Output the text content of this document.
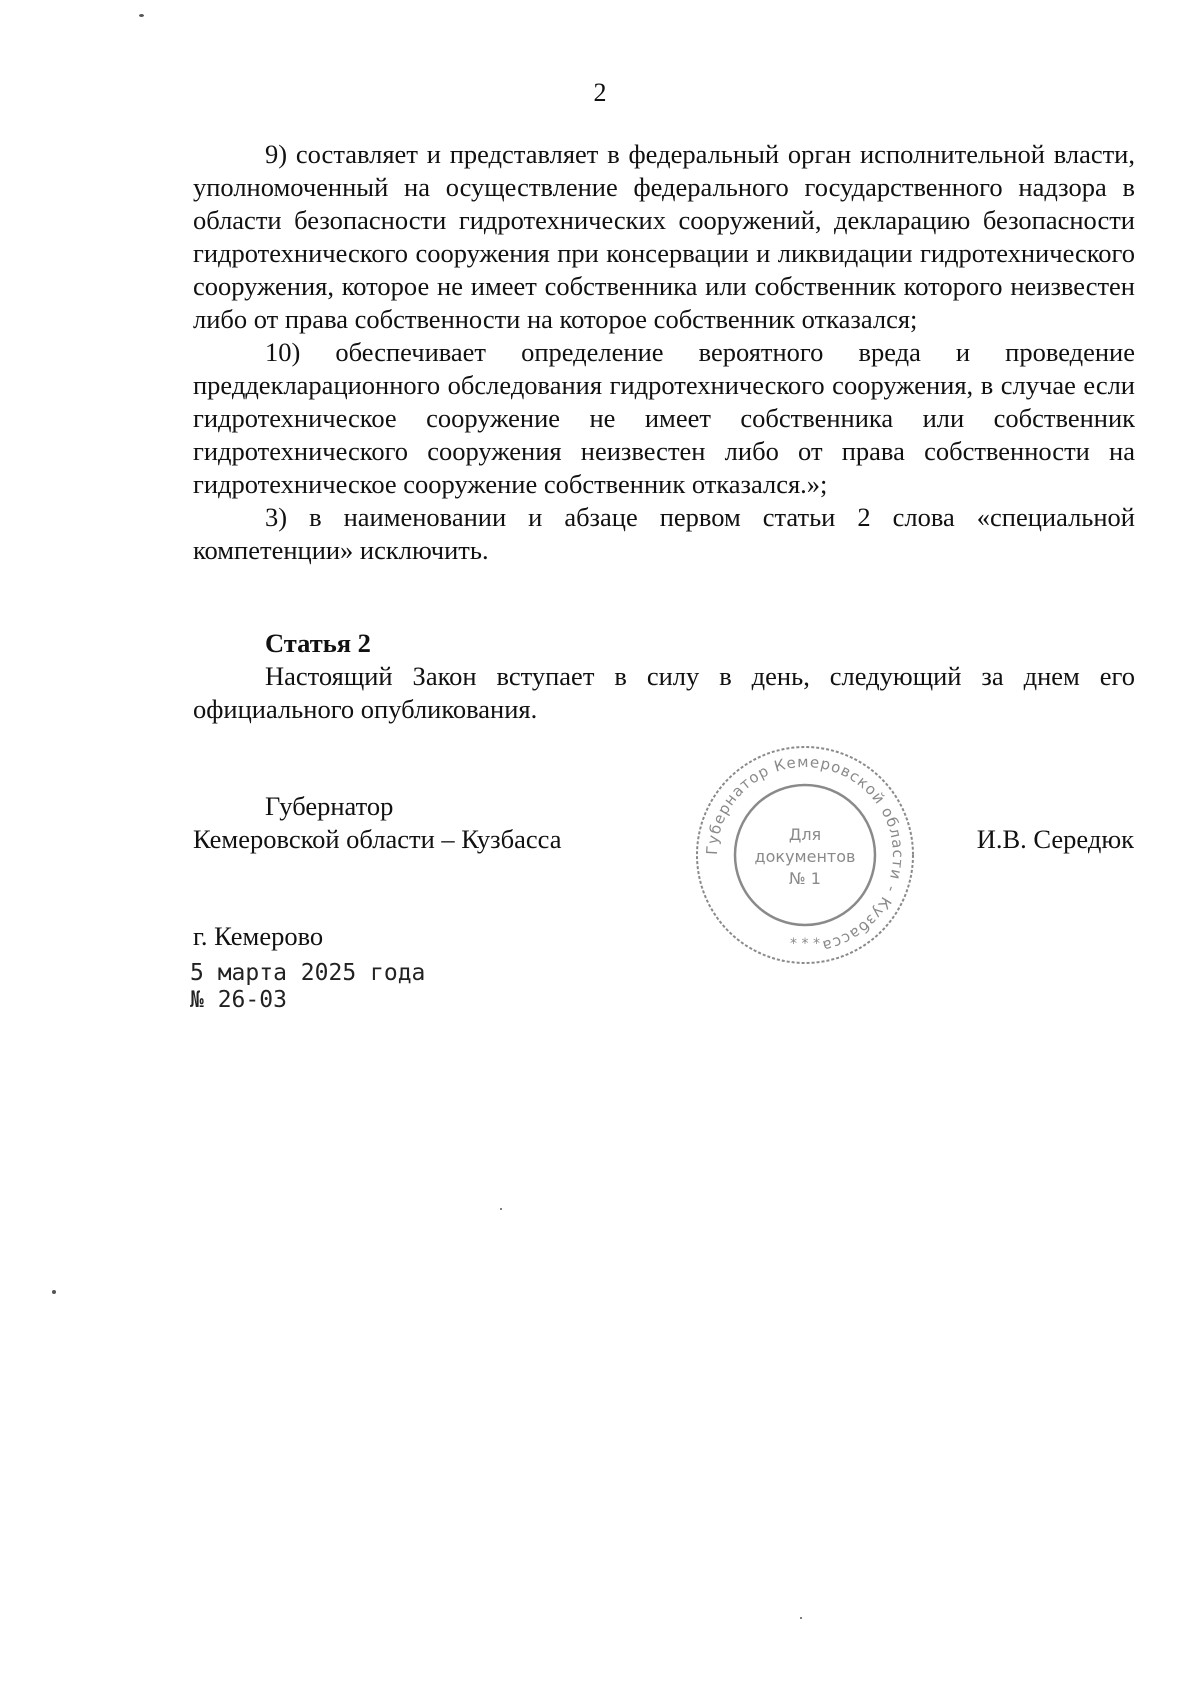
2

9) составляет и представляет в федеральный орган исполнительной власти, уполномоченный на осуществление федерального государственного надзора в области безопасности гидротехнических сооружений, декларацию безопасности гидротехнического сооружения при консервации и ликвидации гидротехнического сооружения, которое не имеет собственника или собственник которого неизвестен либо от права собственности на которое собственник отказался;

10) обеспечивает определение вероятного вреда и проведение преддекларационного обследования гидротехнического сооружения, в случае если гидротехническое сооружение не имеет собственника или собственник гидротехнического сооружения неизвестен либо от права собственности на гидротехническое сооружение собственник отказался.»;

3) в наименовании и абзаце первом статьи 2 слова «специальной компетенции» исключить.

Статья 2

Настоящий Закон вступает в силу в день, следующий за днем его официального опубликования.

Губернатор
Кемеровской области – Кузбасса	И.В. Середюк
Губернатор Кемеровской области - Кузбасса
Для
документов
№ 1
* * *
г. Кемерово
5 марта 2025 года
№ 26-03
